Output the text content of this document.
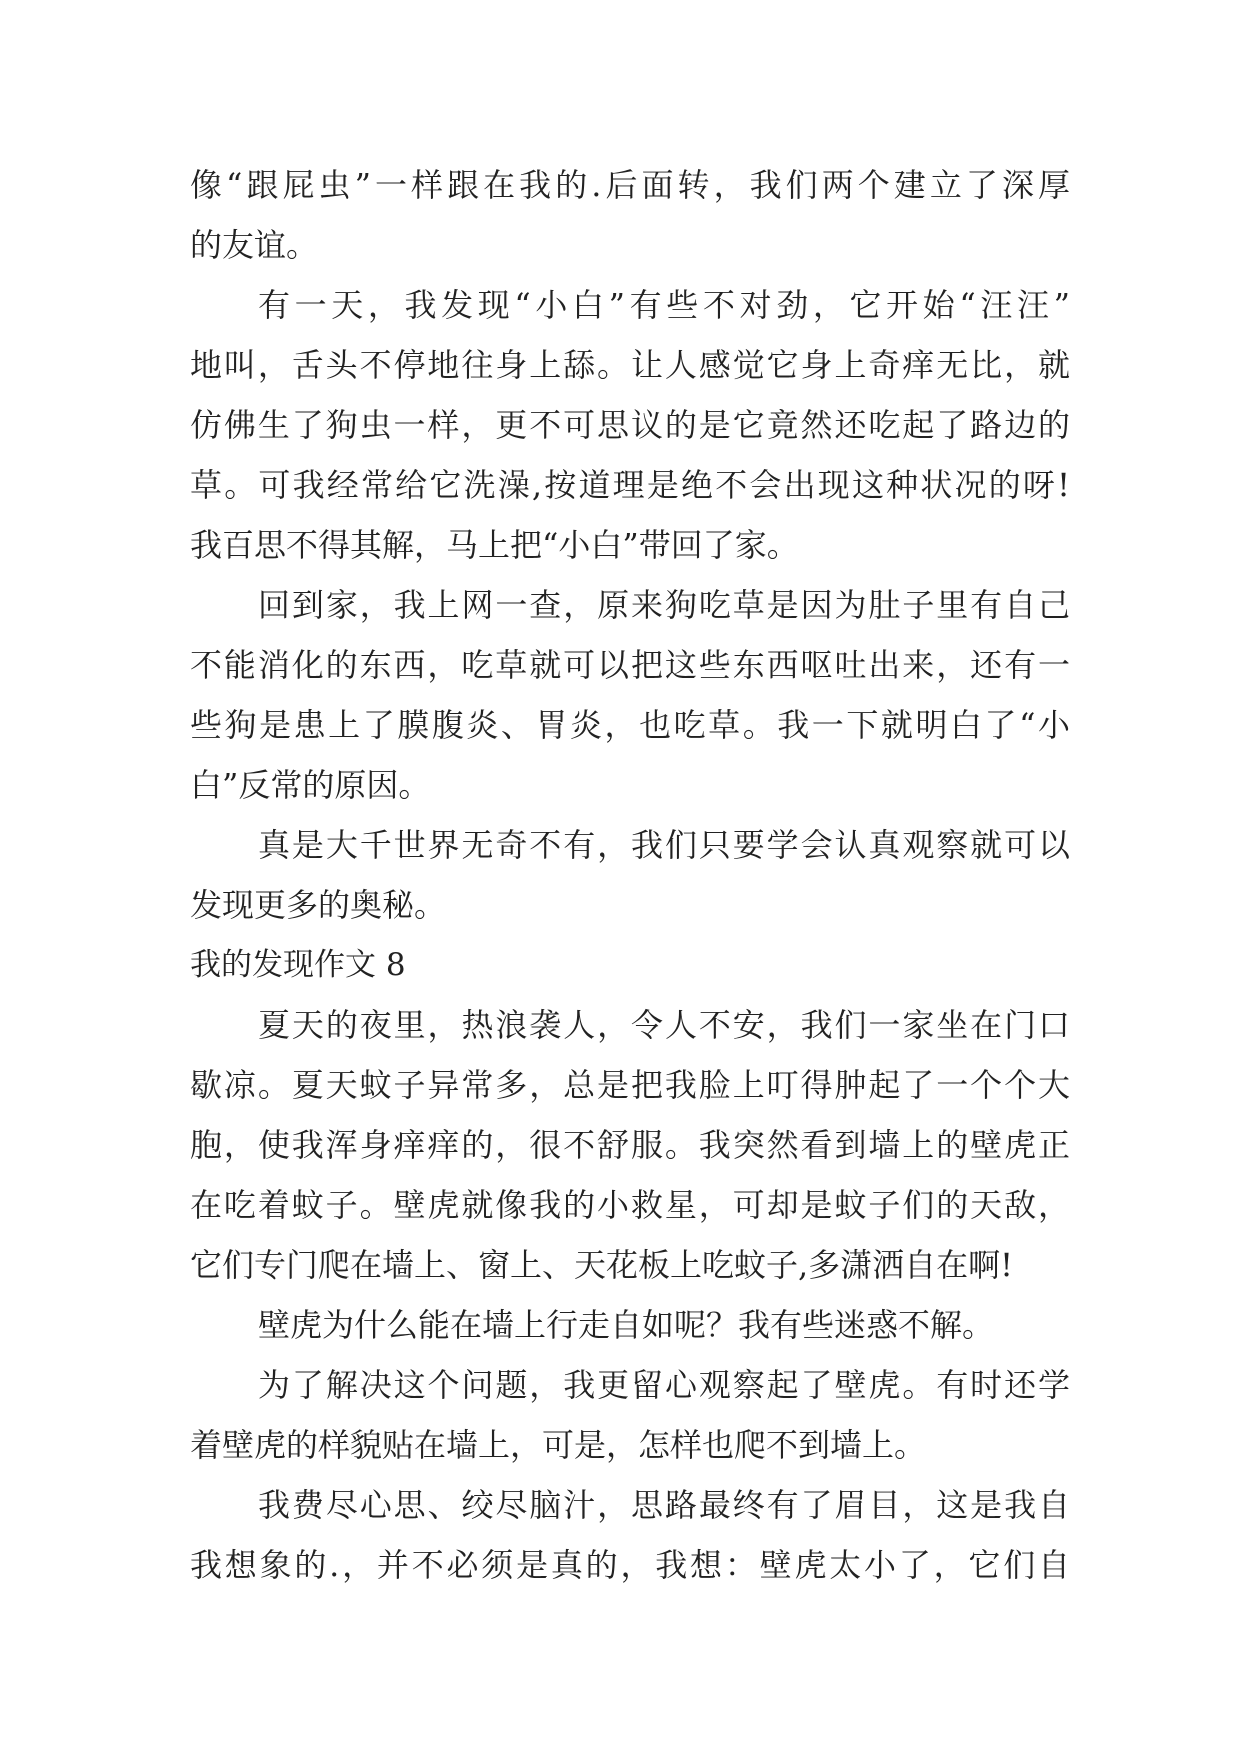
像“跟屁虫”一样跟在我的.后面转，我们两个建立了深厚
的友谊。
有一天，我发现“小白”有些不对劲，它开始“汪汪”
地叫，舌头不停地往身上舔。让人感觉它身上奇痒无比，就
仿佛生了狗虫一样，更不可思议的是它竟然还吃起了路边的
草。可我经常给它洗澡,按道理是绝不会出现这种状况的呀!
我百思不得其解，马上把“小白”带回了家。
回到家，我上网一查，原来狗吃草是因为肚子里有自己
不能消化的东西，吃草就可以把这些东西呕吐出来，还有一
些狗是患上了膜腹炎、胃炎，也吃草。我一下就明白了“小
白”反常的原因。
真是大千世界无奇不有，我们只要学会认真观察就可以
发现更多的奥秘。
我的发现作文 8
夏天的夜里，热浪袭人，令人不安，我们一家坐在门口
歇凉。夏天蚊子异常多，总是把我脸上叮得肿起了一个个大
胞，使我浑身痒痒的，很不舒服。我突然看到墙上的壁虎正
在吃着蚊子。壁虎就像我的小救星，可却是蚊子们的天敌，
它们专门爬在墙上、窗上、天花板上吃蚊子,多潇洒自在啊!
壁虎为什么能在墙上行走自如呢？我有些迷惑不解。
为了解决这个问题，我更留心观察起了壁虎。有时还学
着壁虎的样貌贴在墙上，可是，怎样也爬不到墙上。
我费尽心思、绞尽脑汁，思路最终有了眉目，这是我自
我想象的.，并不必须是真的，我想：壁虎太小了，它们自
